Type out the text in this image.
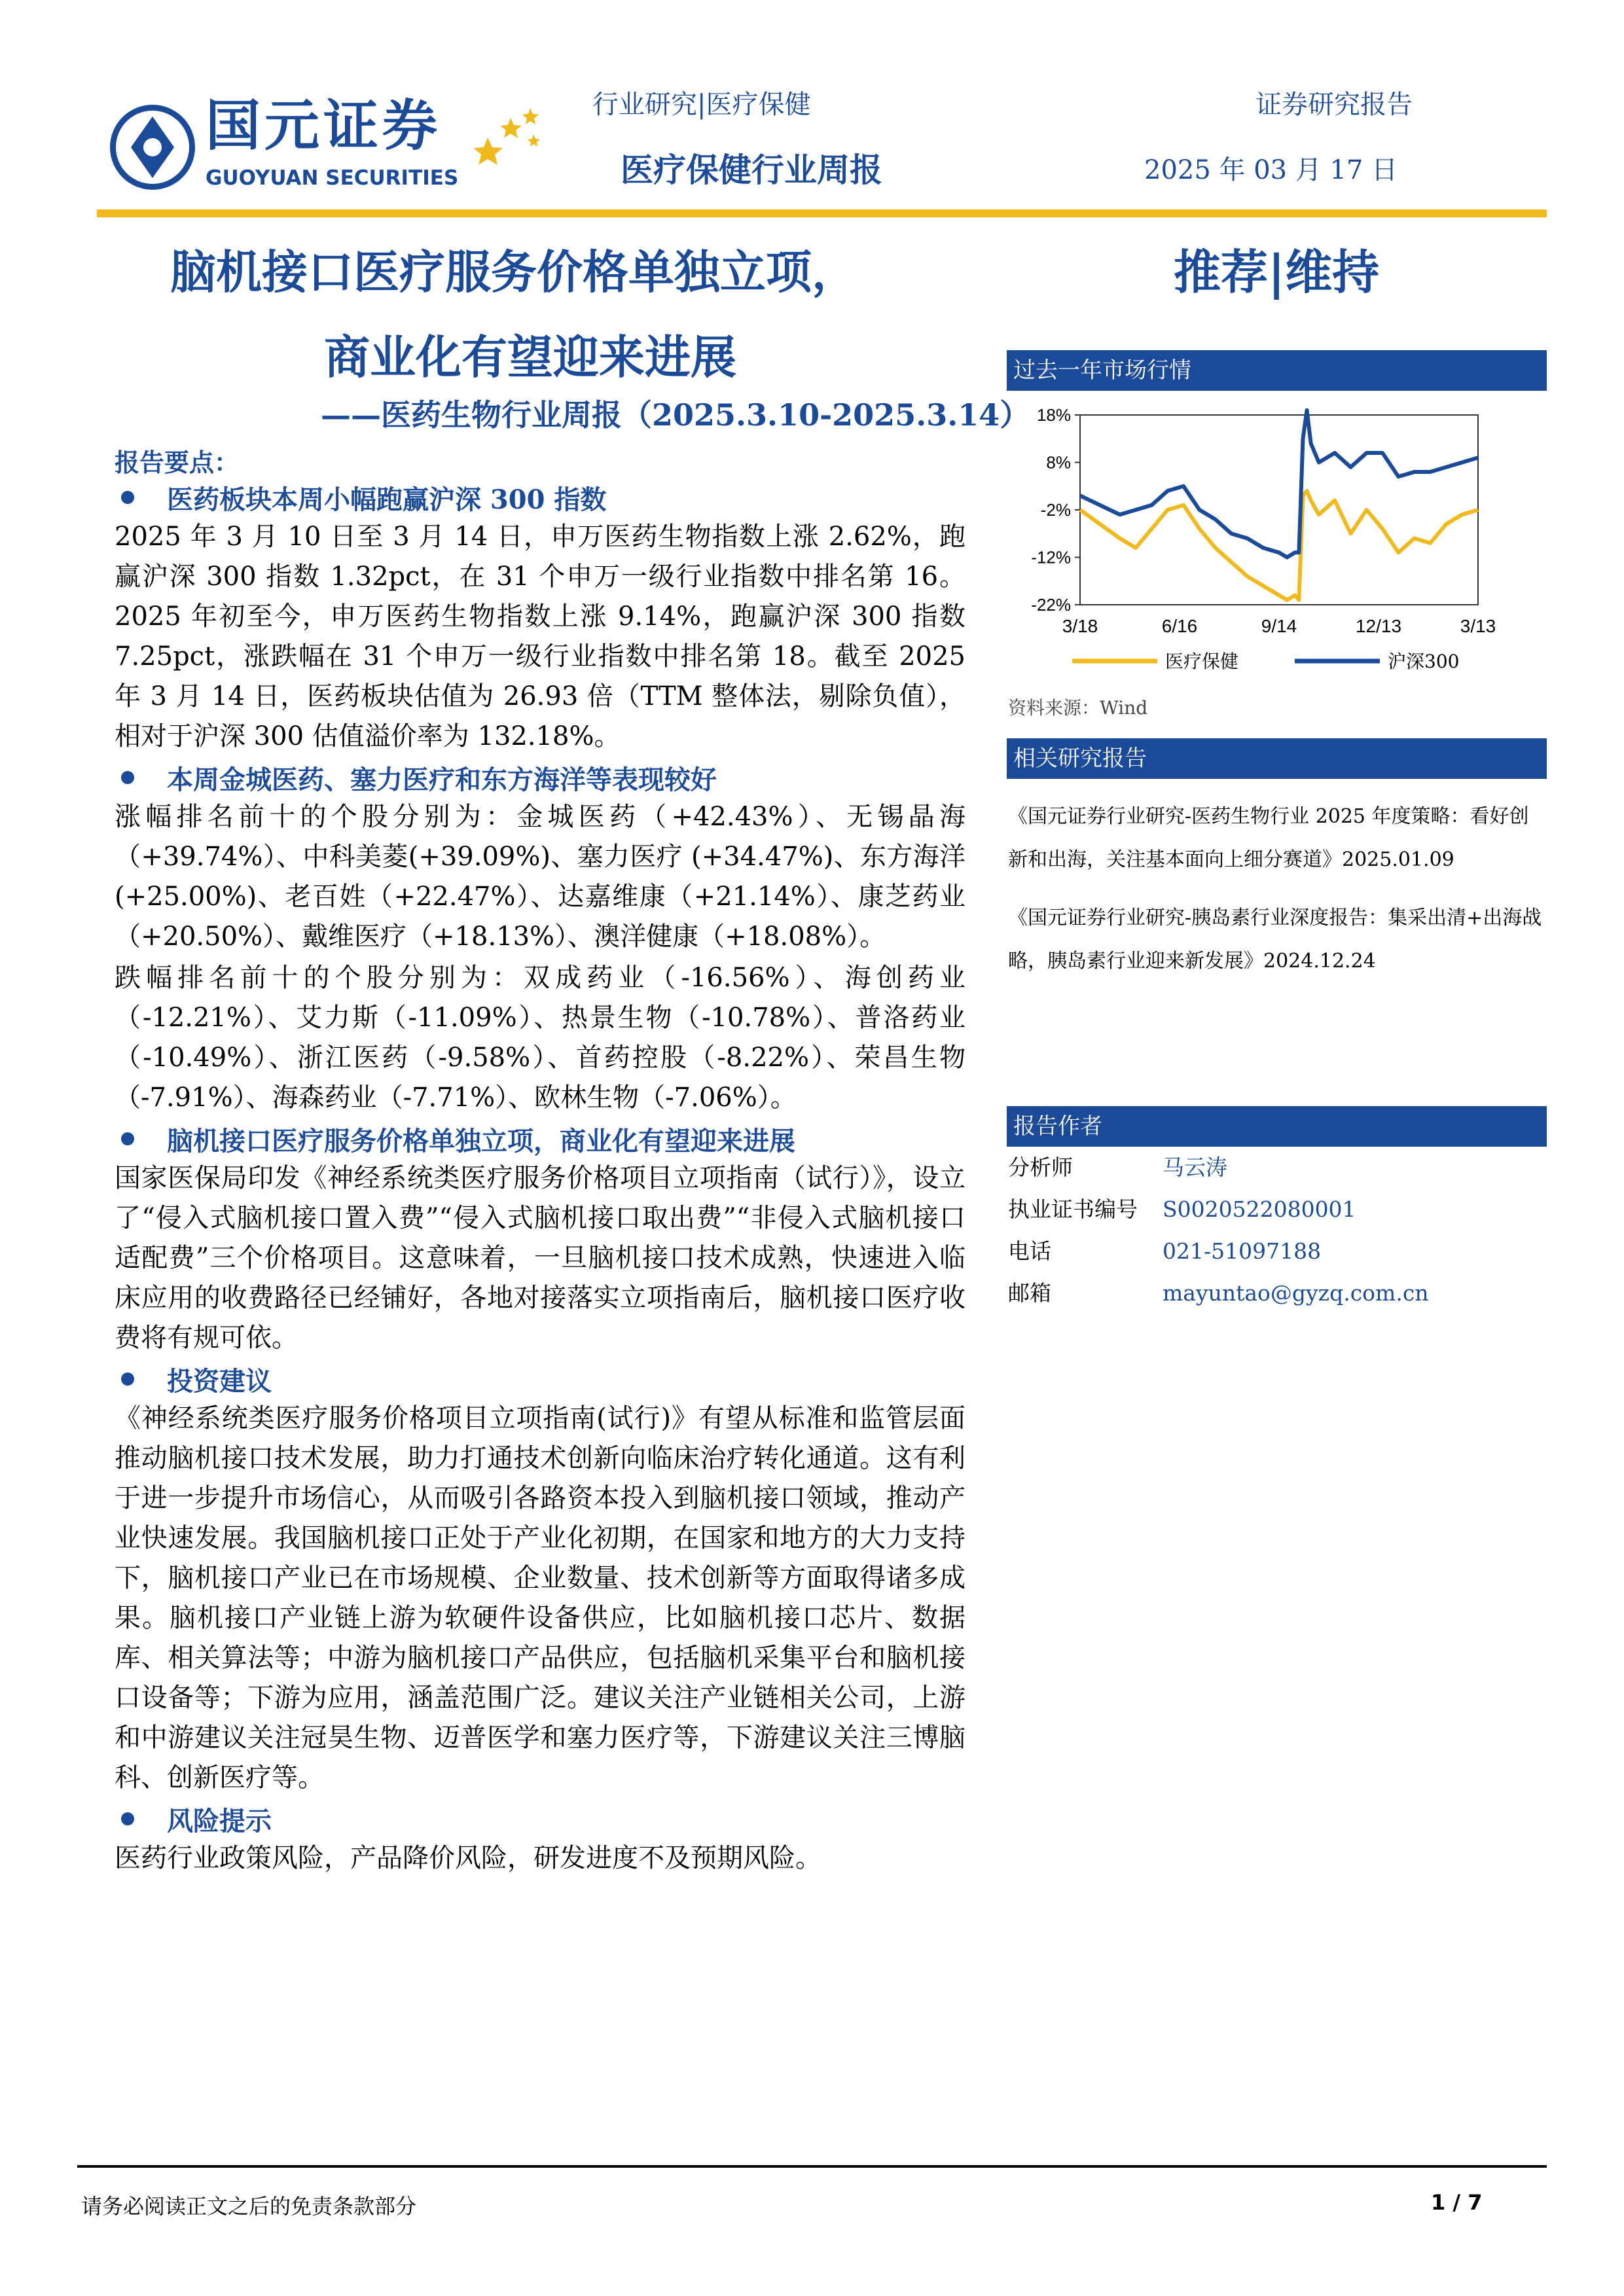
国元证券
GUOYUAN SECURITIES
行业研究|医疗保健	证券研究报告
医疗保健行业周报	2025 年 03 月 17 日
脑机接口医疗服务价格单独立项，
商业化有望迎来进展
——医药生物行业周报（2025.3.10-2025.3.14）
推荐|维持
报告要点：
医药板块本周小幅跑赢沪深 300 指数
2025 年 3 月 10 日至 3 月 14 日，申万医药生物指数上涨 2.62%，跑赢沪深 300 指数 1.32pct，在 31 个申万一级行业指数中排名第 16。2025 年初至今，申万医药生物指数上涨 9.14%，跑赢沪深 300 指数 7.25pct，涨跌幅在 31 个申万一级行业指数中排名第 18。截至 2025 年 3 月 14 日，医药板块估值为 26.93 倍（TTM 整体法，剔除负值），相对于沪深 300 估值溢价率为 132.18%。
本周金城医药、塞力医疗和东方海洋等表现较好
涨幅排名前十的个股分别为：金城医药（+42.43%）、无锡晶海（+39.74%）、中科美菱(+39.09%)、塞力医疗 (+34.47%)、东方海洋(+25.00%)、老百姓（+22.47%）、达嘉维康（+21.14%）、康芝药业（+20.50%）、戴维医疗（+18.13%）、澳洋健康（+18.08%）。
跌幅排名前十的个股分别为：双成药业（-16.56%）、海创药业（-12.21%）、艾力斯（-11.09%）、热景生物（-10.78%）、普洛药业（-10.49%）、浙江医药（-9.58%）、首药控股（-8.22%）、荣昌生物（-7.91%）、海森药业（-7.71%）、欧林生物（-7.06%）。
脑机接口医疗服务价格单独立项，商业化有望迎来进展
国家医保局印发《神经系统类医疗服务价格项目立项指南（试行）》，设立了“侵入式脑机接口置入费”“侵入式脑机接口取出费”“非侵入式脑机接口适配费”三个价格项目。这意味着，一旦脑机接口技术成熟，快速进入临床应用的收费路径已经铺好，各地对接落实立项指南后，脑机接口医疗收费将有规可依。
投资建议
《神经系统类医疗服务价格项目立项指南(试行)》有望从标准和监管层面推动脑机接口技术发展，助力打通技术创新向临床治疗转化通道。这有利于进一步提升市场信心，从而吸引各路资本投入到脑机接口领域，推动产业快速发展。我国脑机接口正处于产业化初期，在国家和地方的大力支持下，脑机接口产业已在市场规模、企业数量、技术创新等方面取得诸多成果。脑机接口产业链上游为软硬件设备供应，比如脑机接口芯片、数据库、相关算法等；中游为脑机接口产品供应，包括脑机采集平台和脑机接口设备等；下游为应用，涵盖范围广泛。建议关注产业链相关公司，上游和中游建议关注冠昊生物、迈普医学和塞力医疗等，下游建议关注三博脑科、创新医疗等。
风险提示
医药行业政策风险，产品降价风险，研发进度不及预期风险。
过去一年市场行情
18%
8%
-2%
-12%
-22%
3/18	6/16	9/14	12/13	3/13
医疗保健	沪深300
资料来源：Wind
相关研究报告
《国元证券行业研究-医药生物行业 2025 年度策略：看好创新和出海，关注基本面向上细分赛道》2025.01.09
《国元证券行业研究-胰岛素行业深度报告：集采出清+出海战略，胰岛素行业迎来新发展》2024.12.24
报告作者
分析师	马云涛
执业证书编号 S0020522080001
电话	021-51097188
邮箱	mayuntao@gyzq.com.cn
请务必阅读正文之后的免责条款部分	1 / 7
